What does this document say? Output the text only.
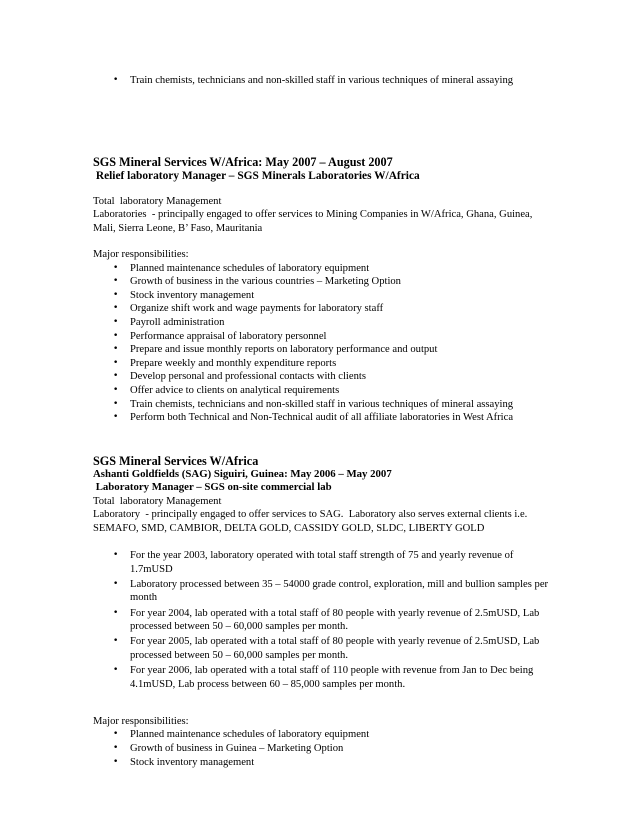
• Train chemists, technicians and non-skilled staff in various techniques of mineral assaying

SGS Mineral Services W/Africa: May 2007 – August 2007

Relief laboratory Manager – SGS Minerals Laboratories W/Africa

Total  laboratory Management

Laboratories  - principally engaged to offer services to Mining Companies in W/Africa, Ghana, Guinea,

Mali, Sierra Leone, B’ Faso, Mauritania

Major responsibilities:

• Planned maintenance schedules of laboratory equipment
• Growth of business in the various countries – Marketing Option
• Stock inventory management
• Organize shift work and wage payments for laboratory staff
• Payroll administration
• Performance appraisal of laboratory personnel
• Prepare and issue monthly reports on laboratory performance and output
• Prepare weekly and monthly expenditure reports
• Develop personal and professional contacts with clients
• Offer advice to clients on analytical requirements
• Train chemists, technicians and non-skilled staff in various techniques of mineral assaying
• Perform both Technical and Non-Technical audit of all affiliate laboratories in West Africa

SGS Mineral Services W/Africa

Ashanti Goldfields (SAG) Siguiri, Guinea: May 2006 – May 2007

Laboratory Manager – SGS on-site commercial lab

Total  laboratory Management

Laboratory  - principally engaged to offer services to SAG.  Laboratory also serves external clients i.e.

SEMAFO, SMD, CAMBIOR, DELTA GOLD, CASSIDY GOLD, SLDC, LIBERTY GOLD

• For the year 2003, laboratory operated with total staff strength of 75 and yearly revenue of 1.7mUSD
• Laboratory processed between 35 – 54000 grade control, exploration, mill and bullion samples per month
• For year 2004, lab operated with a total staff of 80 people with yearly revenue of 2.5mUSD, Lab processed between 50 – 60,000 samples per month.
• For year 2005, lab operated with a total staff of 80 people with yearly revenue of 2.5mUSD, Lab processed between 50 – 60,000 samples per month.
• For year 2006, lab operated with a total staff of 110 people with revenue from Jan to Dec being 4.1mUSD, Lab process between 60 – 85,000 samples per month.

Major responsibilities:

• Planned maintenance schedules of laboratory equipment
• Growth of business in Guinea – Marketing Option
• Stock inventory management
